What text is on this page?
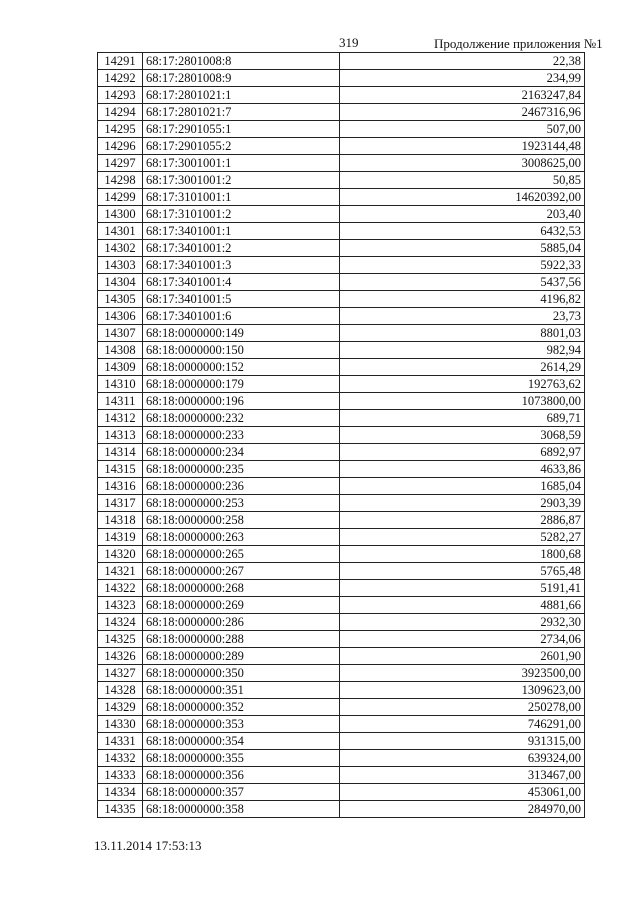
319	Продолжение приложения №1
14291	68:17:2801008:8	22,38
14292	68:17:2801008:9	234,99
14293	68:17:2801021:1	2163247,84
14294	68:17:2801021:7	2467316,96
14295	68:17:2901055:1	507,00
14296	68:17:2901055:2	1923144,48
14297	68:17:3001001:1	3008625,00
14298	68:17:3001001:2	50,85
14299	68:17:3101001:1	14620392,00
14300	68:17:3101001:2	203,40
14301	68:17:3401001:1	6432,53
14302	68:17:3401001:2	5885,04
14303	68:17:3401001:3	5922,33
14304	68:17:3401001:4	5437,56
14305	68:17:3401001:5	4196,82
14306	68:17:3401001:6	23,73
14307	68:18:0000000:149	8801,03
14308	68:18:0000000:150	982,94
14309	68:18:0000000:152	2614,29
14310	68:18:0000000:179	192763,62
14311	68:18:0000000:196	1073800,00
14312	68:18:0000000:232	689,71
14313	68:18:0000000:233	3068,59
14314	68:18:0000000:234	6892,97
14315	68:18:0000000:235	4633,86
14316	68:18:0000000:236	1685,04
14317	68:18:0000000:253	2903,39
14318	68:18:0000000:258	2886,87
14319	68:18:0000000:263	5282,27
14320	68:18:0000000:265	1800,68
14321	68:18:0000000:267	5765,48
14322	68:18:0000000:268	5191,41
14323	68:18:0000000:269	4881,66
14324	68:18:0000000:286	2932,30
14325	68:18:0000000:288	2734,06
14326	68:18:0000000:289	2601,90
14327	68:18:0000000:350	3923500,00
14328	68:18:0000000:351	1309623,00
14329	68:18:0000000:352	250278,00
14330	68:18:0000000:353	746291,00
14331	68:18:0000000:354	931315,00
14332	68:18:0000000:355	639324,00
14333	68:18:0000000:356	313467,00
14334	68:18:0000000:357	453061,00
14335	68:18:0000000:358	284970,00
13.11.2014 17:53:13
